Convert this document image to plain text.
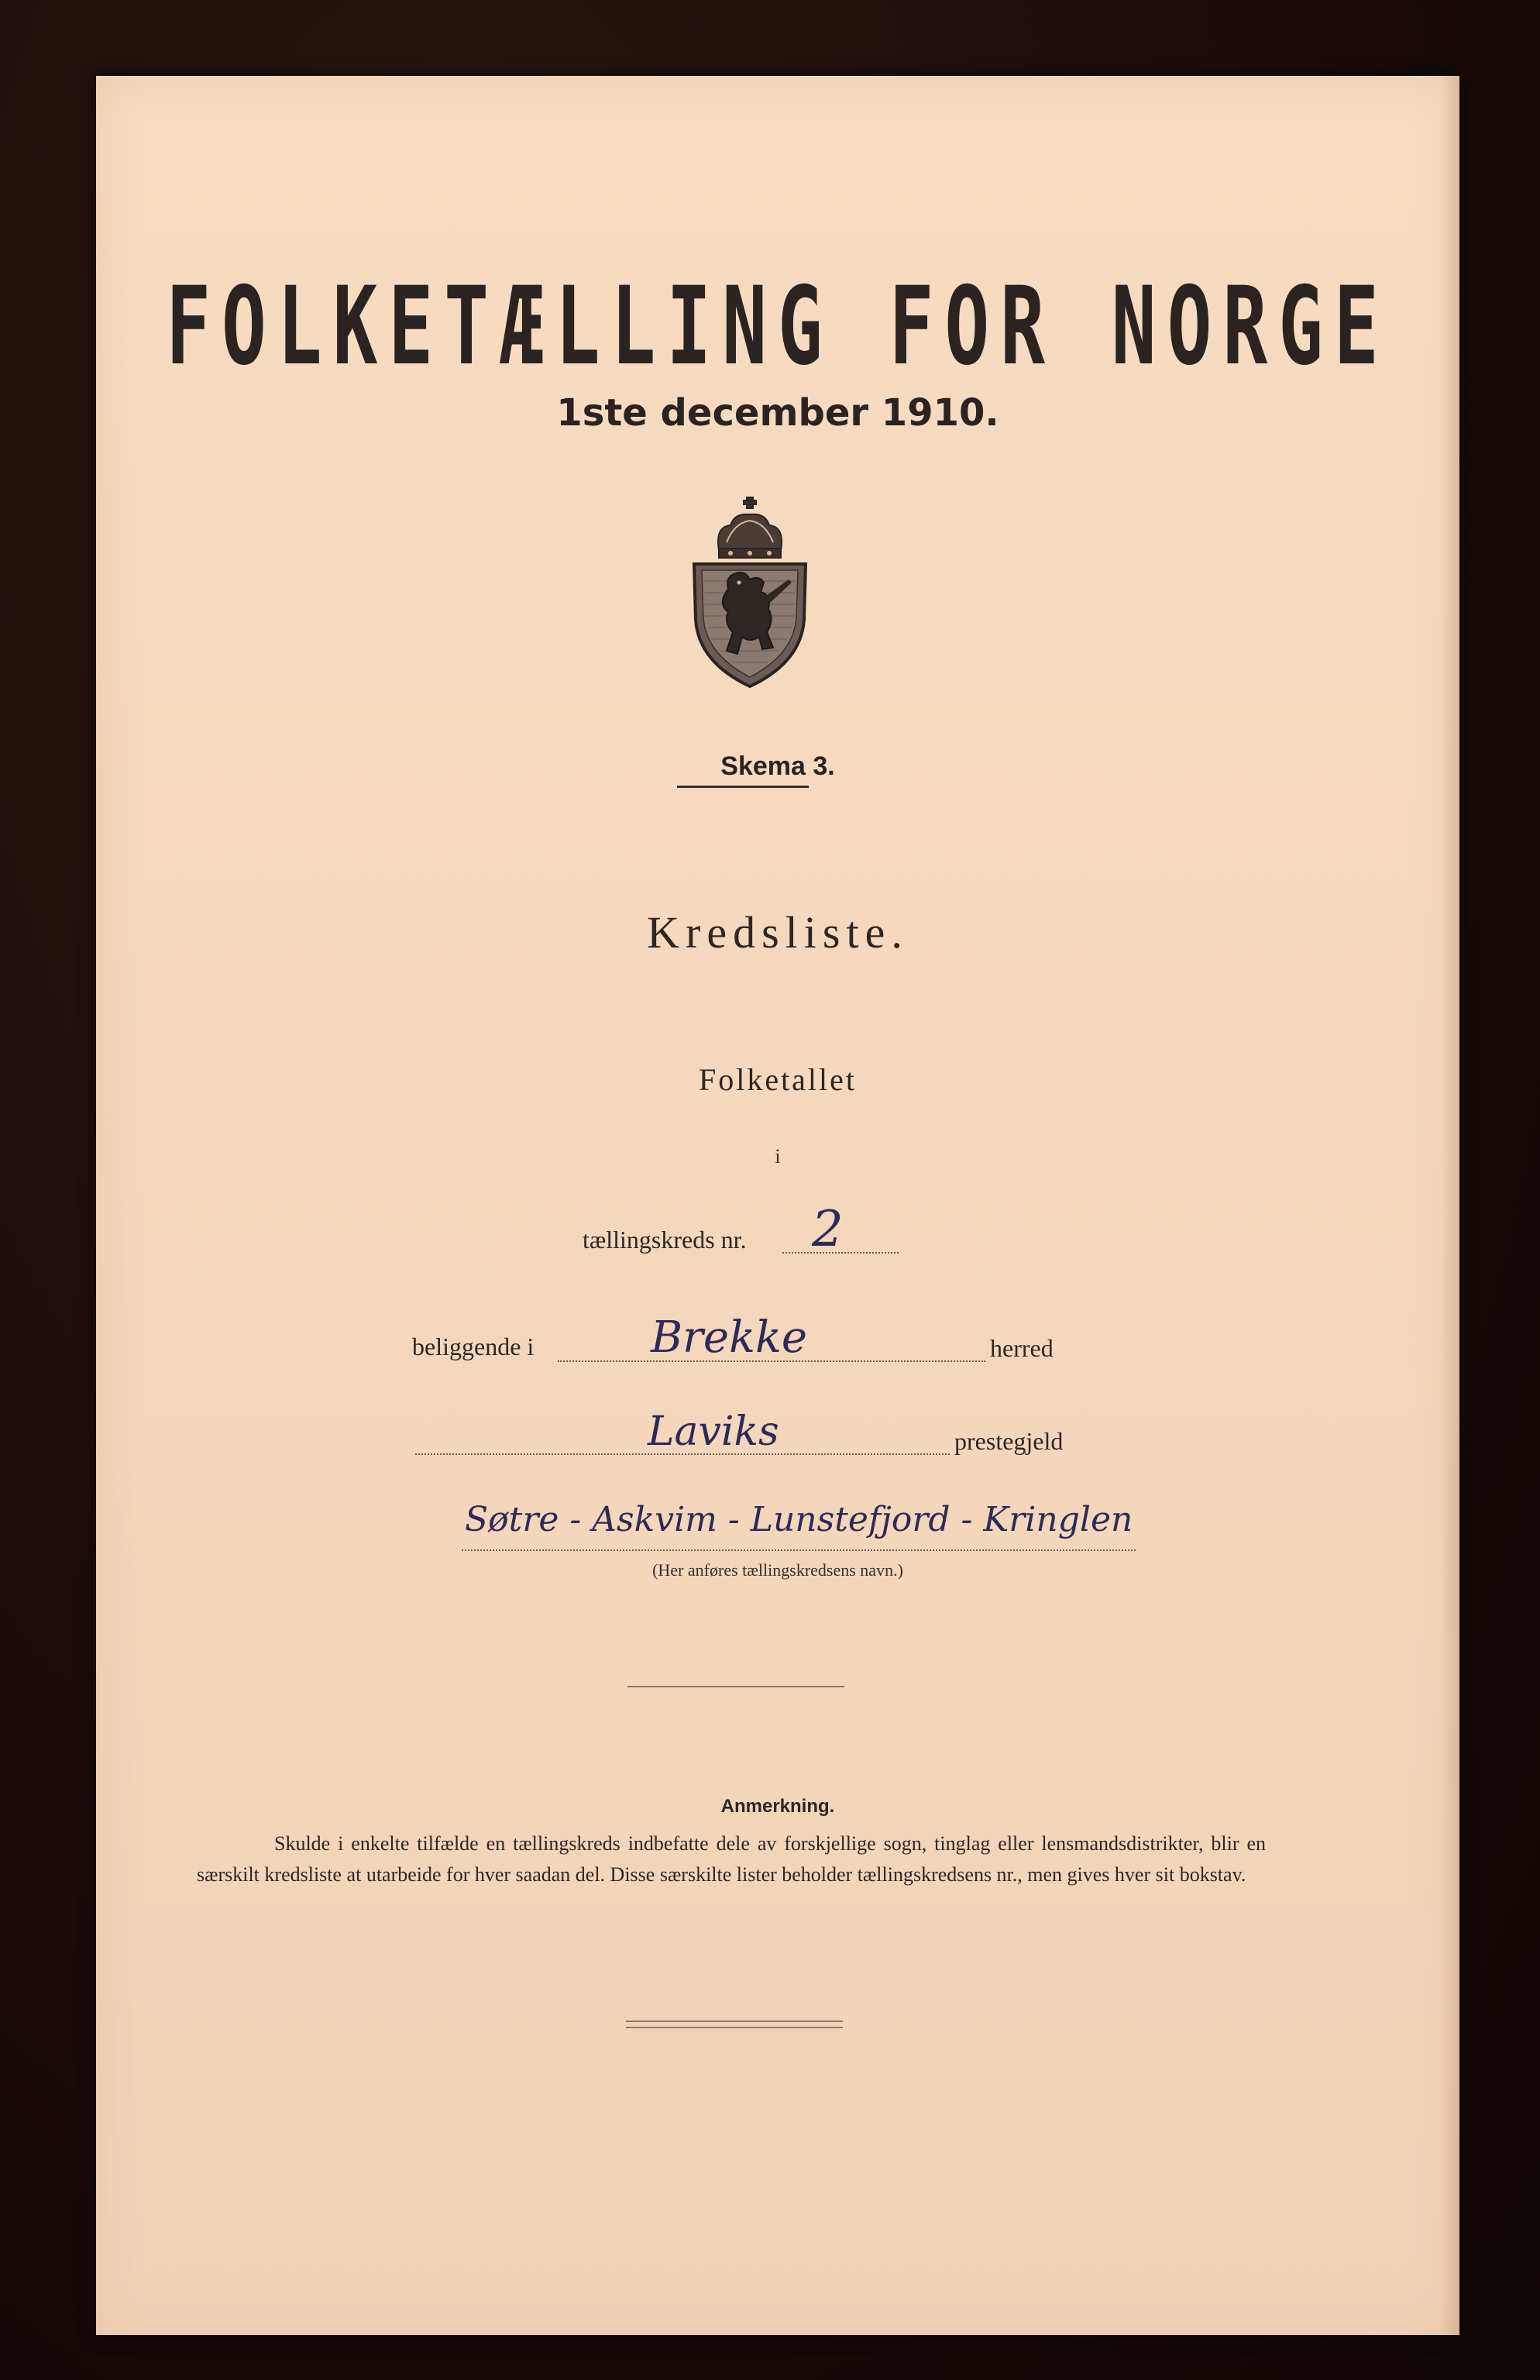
FOLKETÆLLING FOR NORGE
1ste december 1910.
Skema 3.
Kredsliste.
Folketallet
i
tællingskreds nr. 2
beliggende i	Brekke	herred
Laviks	prestegjeld
Søtre - Askvim - Lunstefjord - Kringlen
(Her anføres tællingskredsens navn.)
Anmerkning.
Skulde i enkelte tilfælde en tællingskreds indbefatte dele av forskjellige sogn, tinglag eller lensmandsdistrikter, blir en særskilt kredsliste at utarbeide for hver saadan del. Disse særskilte lister beholder tællingskredsens nr., men gives hver sit bokstav.
